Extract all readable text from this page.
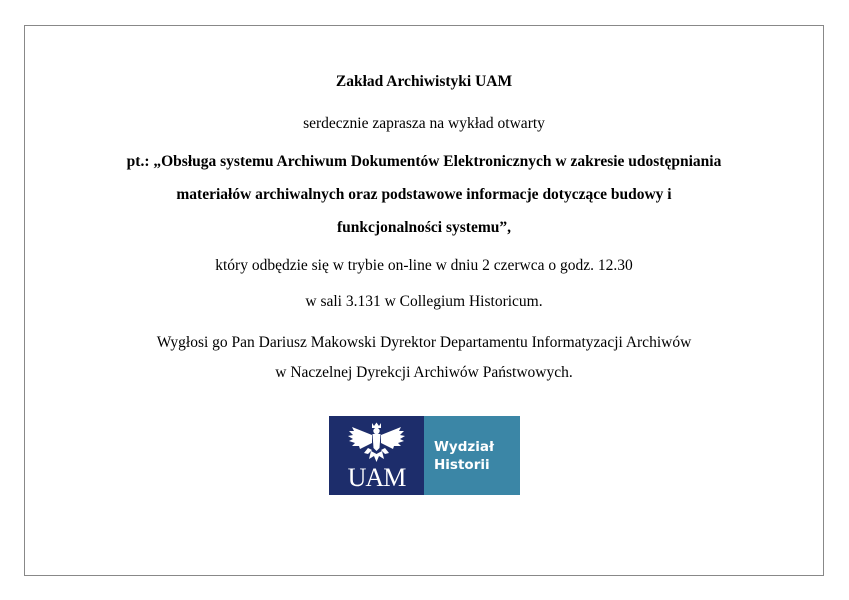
Zakład Archiwistyki UAM
serdecznie zaprasza na wykład otwarty
pt.: „Obsługa systemu Archiwum Dokumentów Elektronicznych w zakresie udostępniania
materiałów archiwalnych oraz podstawowe informacje dotyczące budowy i
funkcjonalności systemu”,
który odbędzie się w trybie on-line w dniu 2 czerwca o godz. 12.30
w sali 3.131 w Collegium Historicum.
Wygłosi go Pan Dariusz Makowski Dyrektor Departamentu Informatyzacji Archiwów
w Naczelnej Dyrekcji Archiwów Państwowych.
UAM
Wydział
Historii
